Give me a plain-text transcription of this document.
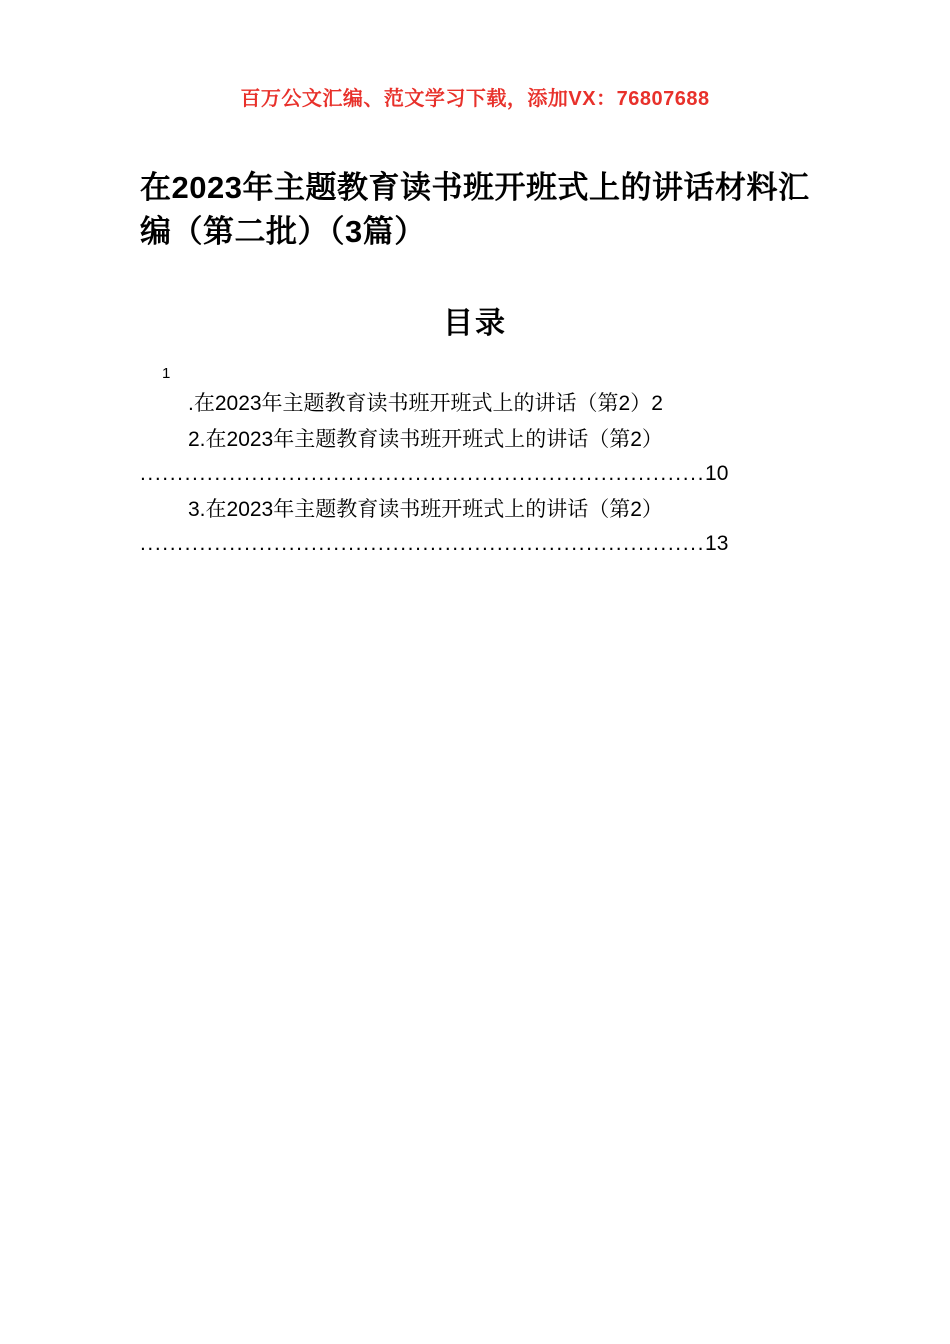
百万公文汇编、范文学习下载，添加VX：76807688
在2023年主题教育读书班开班式上的讲话材料汇编（第二批）（3篇）
目录
1
.在2023年主题教育读书班开班式上的讲话（第2）2
2.在2023年主题教育读书班开班式上的讲话（第2）
............................................................................10
3.在2023年主题教育读书班开班式上的讲话（第2）
............................................................................13
